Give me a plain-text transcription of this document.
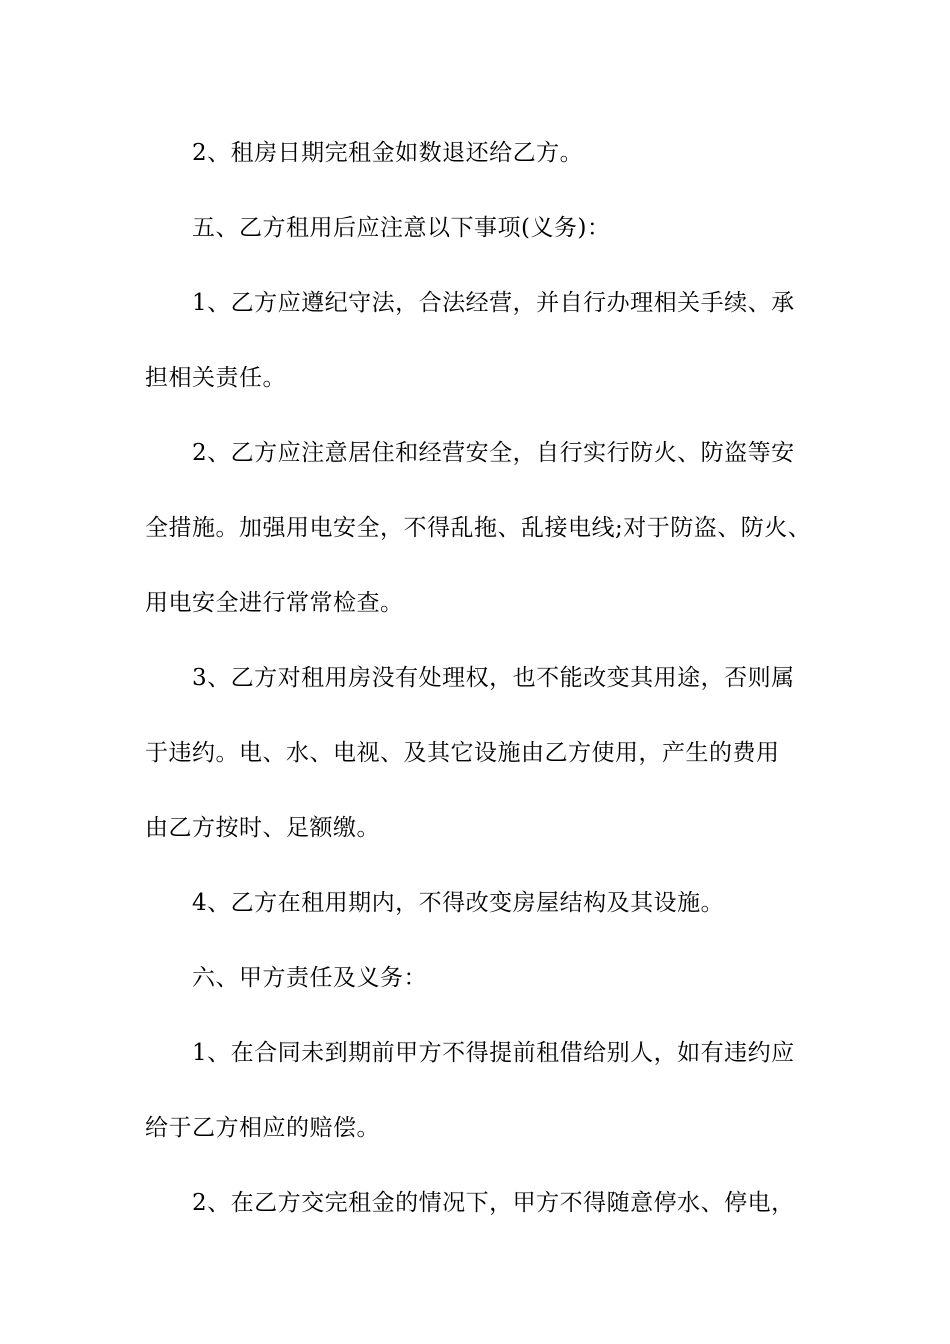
2、租房日期完租金如数退还给乙方。
五、乙方租用后应注意以下事项(义务)：
1、乙方应遵纪守法，合法经营，并自行办理相关手续、承
担相关责任。
2、乙方应注意居住和经营安全，自行实行防火、防盗等安
全措施。加强用电安全，不得乱拖、乱接电线;对于防盗、防火、
用电安全进行常常检查。
3、乙方对租用房没有处理权，也不能改变其用途，否则属
于违约。电、水、电视、及其它设施由乙方使用，产生的费用
由乙方按时、足额缴。
4、乙方在租用期内，不得改变房屋结构及其设施。
六、甲方责任及义务：
1、在合同未到期前甲方不得提前租借给别人，如有违约应
给于乙方相应的赔偿。
2、在乙方交完租金的情况下，甲方不得随意停水、停电，
